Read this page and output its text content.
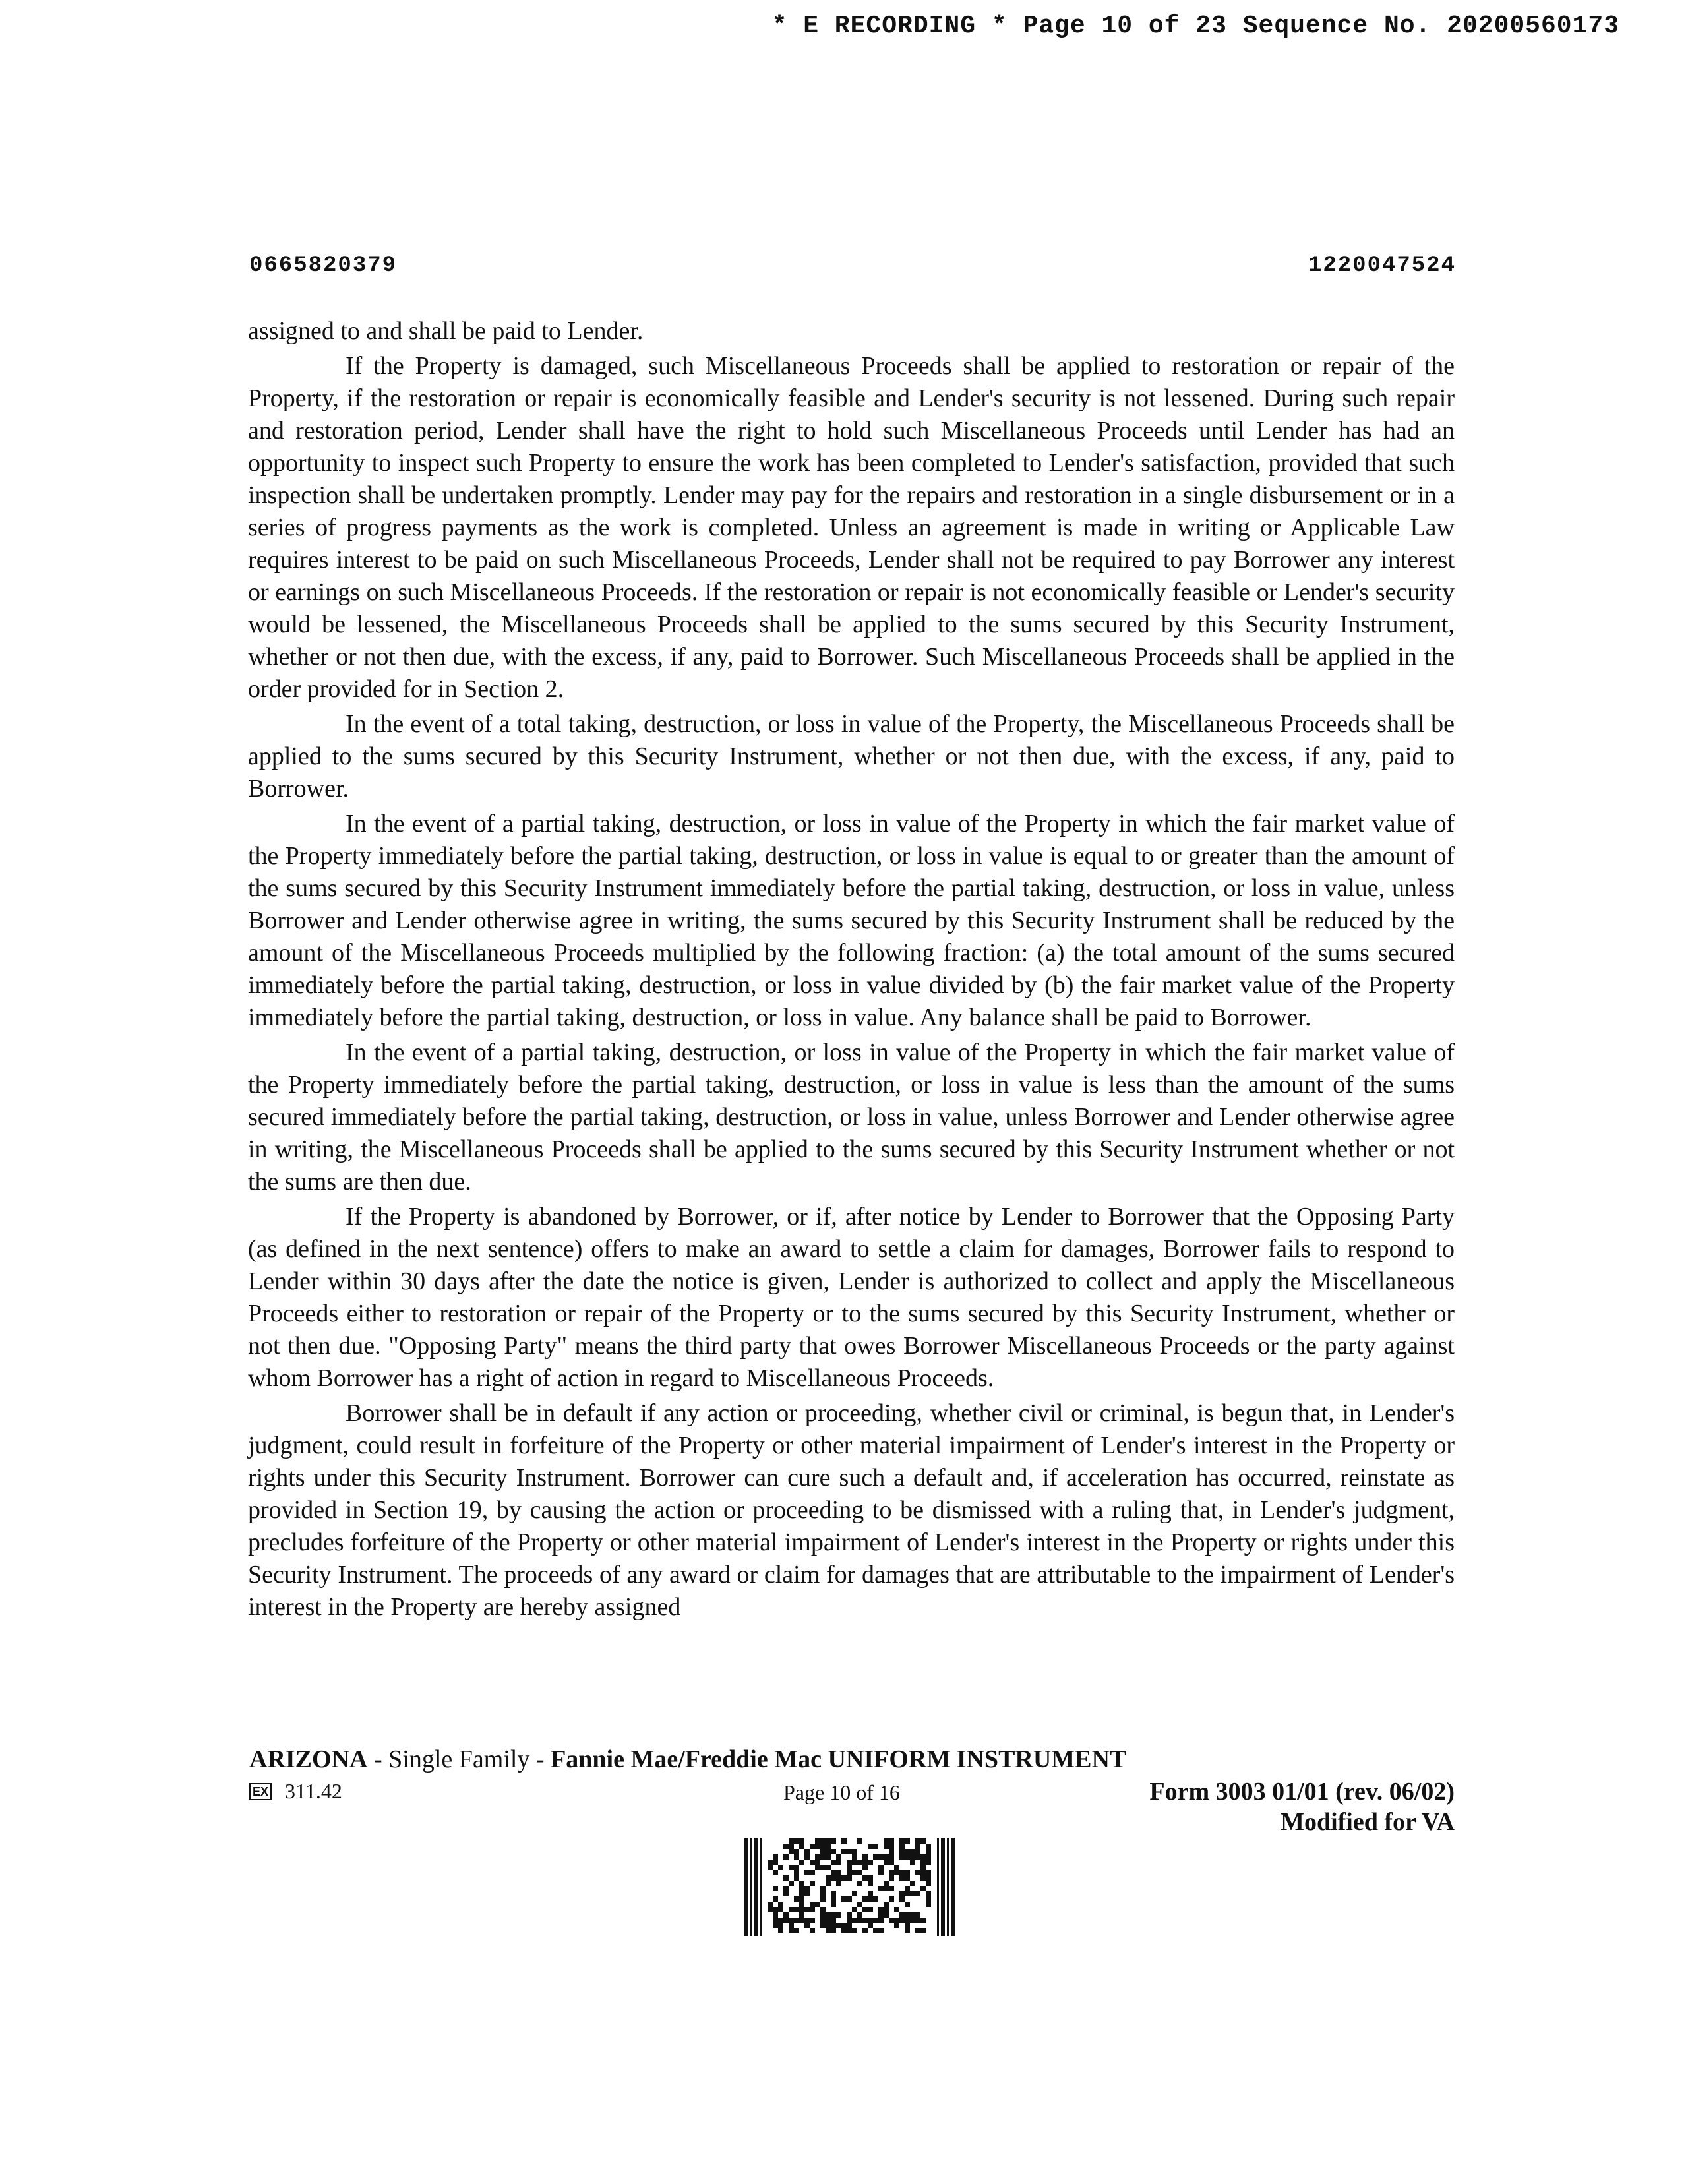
* E RECORDING * Page 10 of 23 Sequence No. 20200560173
0665820379	1220047524

assigned to and shall be paid to Lender.

If the Property is damaged, such Miscellaneous Proceeds shall be applied to restoration or repair of the Property, if the restoration or repair is economically feasible and Lender's security is not lessened. During such repair and restoration period, Lender shall have the right to hold such Miscellaneous Proceeds until Lender has had an opportunity to inspect such Property to ensure the work has been completed to Lender's satisfaction, provided that such inspection shall be undertaken promptly. Lender may pay for the repairs and restoration in a single disbursement or in a series of progress payments as the work is completed. Unless an agreement is made in writing or Applicable Law requires interest to be paid on such Miscellaneous Proceeds, Lender shall not be required to pay Borrower any interest or earnings on such Miscellaneous Proceeds. If the restoration or repair is not economically feasible or Lender's security would be lessened, the Miscellaneous Proceeds shall be applied to the sums secured by this Security Instrument, whether or not then due, with the excess, if any, paid to Borrower. Such Miscellaneous Proceeds shall be applied in the order provided for in Section 2.

In the event of a total taking, destruction, or loss in value of the Property, the Miscellaneous Proceeds shall be applied to the sums secured by this Security Instrument, whether or not then due, with the excess, if any, paid to Borrower.

In the event of a partial taking, destruction, or loss in value of the Property in which the fair market value of the Property immediately before the partial taking, destruction, or loss in value is equal to or greater than the amount of the sums secured by this Security Instrument immediately before the partial taking, destruction, or loss in value, unless Borrower and Lender otherwise agree in writing, the sums secured by this Security Instrument shall be reduced by the amount of the Miscellaneous Proceeds multiplied by the following fraction: (a) the total amount of the sums secured immediately before the partial taking, destruction, or loss in value divided by (b) the fair market value of the Property immediately before the partial taking, destruction, or loss in value. Any balance shall be paid to Borrower.

In the event of a partial taking, destruction, or loss in value of the Property in which the fair market value of the Property immediately before the partial taking, destruction, or loss in value is less than the amount of the sums secured immediately before the partial taking, destruction, or loss in value, unless Borrower and Lender otherwise agree in writing, the Miscellaneous Proceeds shall be applied to the sums secured by this Security Instrument whether or not the sums are then due.

If the Property is abandoned by Borrower, or if, after notice by Lender to Borrower that the Opposing Party (as defined in the next sentence) offers to make an award to settle a claim for damages, Borrower fails to respond to Lender within 30 days after the date the notice is given, Lender is authorized to collect and apply the Miscellaneous Proceeds either to restoration or repair of the Property or to the sums secured by this Security Instrument, whether or not then due. "Opposing Party" means the third party that owes Borrower Miscellaneous Proceeds or the party against whom Borrower has a right of action in regard to Miscellaneous Proceeds.

Borrower shall be in default if any action or proceeding, whether civil or criminal, is begun that, in Lender's judgment, could result in forfeiture of the Property or other material impairment of Lender's interest in the Property or rights under this Security Instrument. Borrower can cure such a default and, if acceleration has occurred, reinstate as provided in Section 19, by causing the action or proceeding to be dismissed with a ruling that, in Lender's judgment, precludes forfeiture of the Property or other material impairment of Lender's interest in the Property or rights under this Security Instrument. The proceeds of any award or claim for damages that are attributable to the impairment of Lender's interest in the Property are hereby assigned

ARIZONA - Single Family - Fannie Mae/Freddie Mac UNIFORM INSTRUMENT
EX 311.42	Page 10 of 16	Form 3003 01/01 (rev. 06/02)
Modified for VA
